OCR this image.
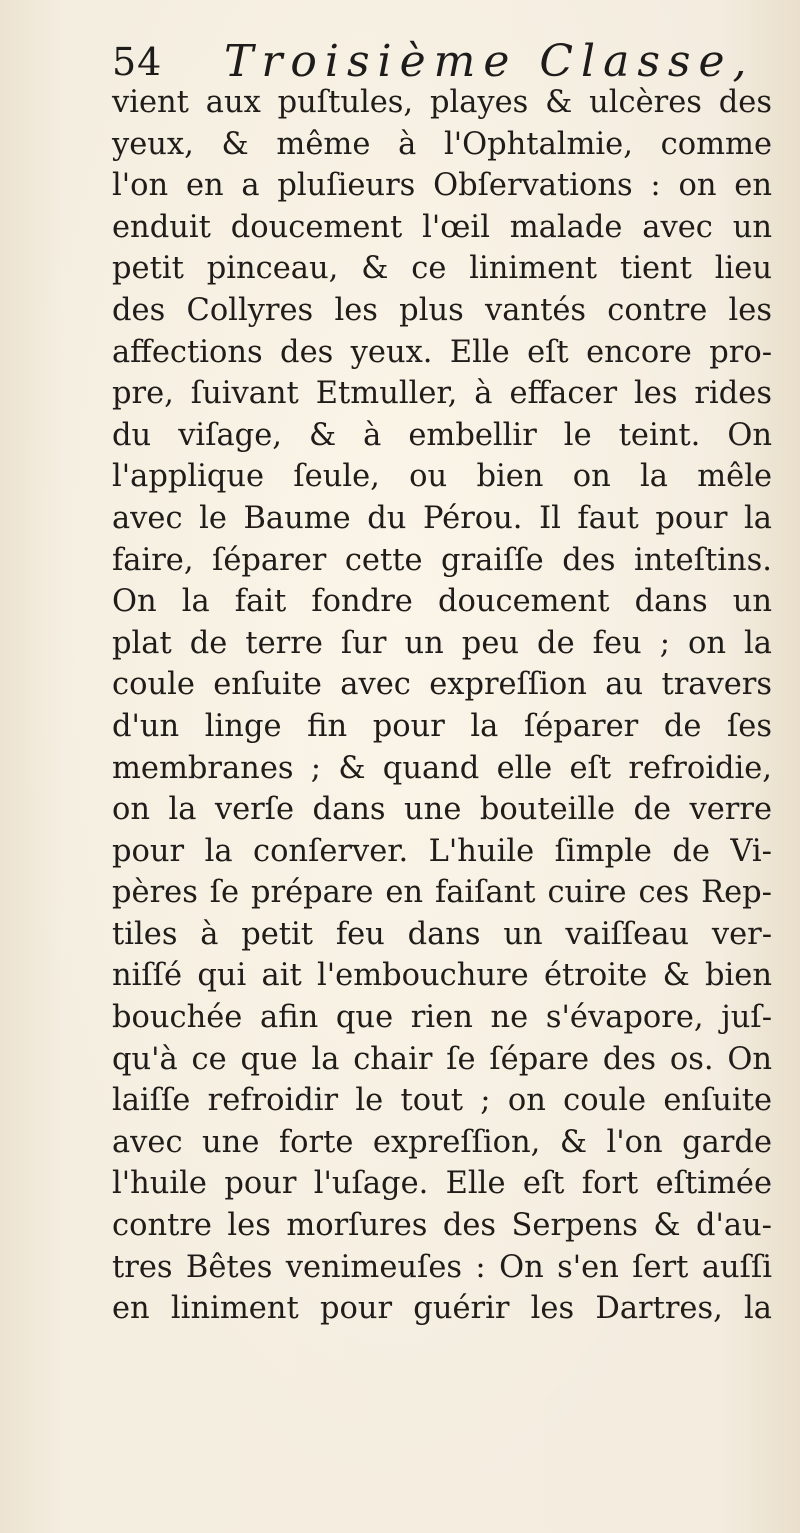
54 Troisième Classe,
vient aux puſtules, playes & ulcères des
yeux, & même à l'Ophtalmie, comme
l'on en a pluſieurs Obſervations : on en
enduit doucement l'œil malade avec un
petit pinceau, & ce liniment tient lieu
des Collyres les plus vantés contre les
affections des yeux. Elle eſt encore pro-
pre, ſuivant Etmuller, à effacer les rides
du viſage, & à embellir le teint. On
l'applique ſeule, ou bien on la mêle
avec le Baume du Pérou. Il faut pour la
faire, ſéparer cette graiſſe des inteſtins.
On la fait fondre doucement dans un
plat de terre ſur un peu de feu ; on la
coule enſuite avec expreſſion au travers
d'un linge fin pour la ſéparer de ſes
membranes ; & quand elle eſt refroidie,
on la verſe dans une bouteille de verre
pour la conſerver. L'huile ſimple de Vi-
pères ſe prépare en faiſant cuire ces Rep-
tiles à petit feu dans un vaiſſeau ver-
niſſé qui ait l'embouchure étroite & bien
bouchée afin que rien ne s'évapore, juſ-
qu'à ce que la chair ſe ſépare des os. On
laiſſe refroidir le tout ; on coule enſuite
avec une forte expreſſion, & l'on garde
l'huile pour l'uſage. Elle eſt fort eſtimée
contre les morſures des Serpens & d'au-
tres Bêtes venimeuſes : On s'en ſert auſſi
en liniment pour guérir les Dartres, la
